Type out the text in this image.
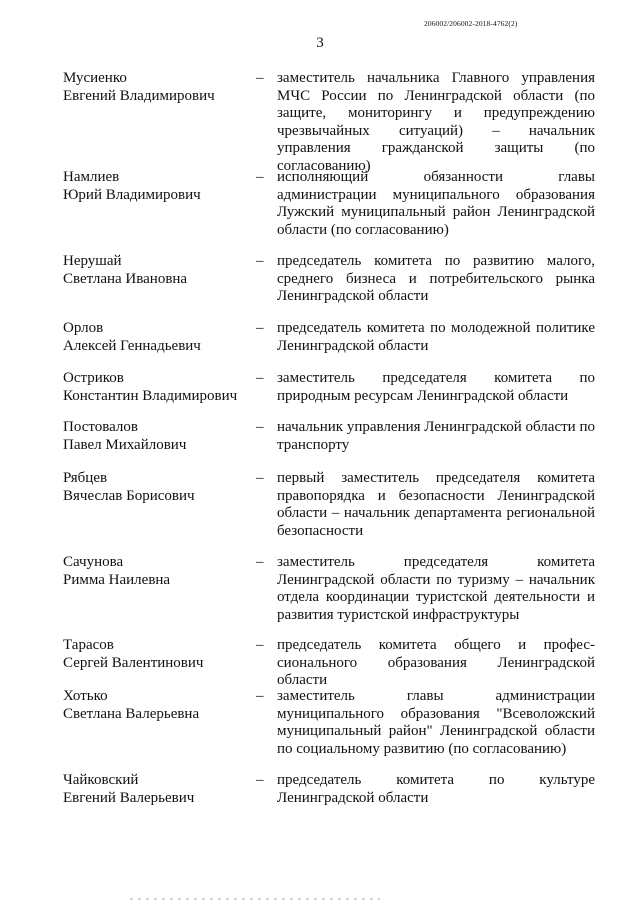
206002/206002-2018-4762(2)
3
Мусиенко
Евгений Владимирович
– заместитель начальника Главного управления МЧС России по Ленинградской области (по защите, мониторингу и предупреждению чрезвычайных ситуаций) – начальник управления гражданской защиты (по согласованию)
Намлиев
Юрий Владимирович
– исполняющий обязанности главы администрации муниципального образования Лужский муниципальный район Ленинградской области (по согласованию)
Нерушай
Светлана Ивановна
– председатель комитета по развитию малого, среднего бизнеса и потребительского рынка Ленинградской области
Орлов
Алексей Геннадьевич
– председатель комитета по молодежной политике Ленинградской области
Остриков
Константин Владимирович
– заместитель председателя комитета по природным ресурсам Ленинградской области
Постовалов
Павел Михайлович
– начальник управления Ленинградской области по транспорту
Рябцев
Вячеслав Борисович
– первый заместитель председателя комитета правопорядка и безопасности Ленинградской области – начальник департамента региональной безопасности
Сачунова
Римма Наилевна
– заместитель председателя комитета Ленинградской области по туризму – начальник отдела координации туристской деятельности и развития туристской инфраструктуры
Тарасов
Сергей Валентинович
– председатель комитета общего и профессионального образования Ленинградской области
Хотько
Светлана Валерьевна
– заместитель главы администрации муниципального образования "Всеволожский муниципальный район" Ленинградской области по социальному развитию (по согласованию)
Чайковский
Евгений Валерьевич
– председатель комитета по культуре Ленинградской области
